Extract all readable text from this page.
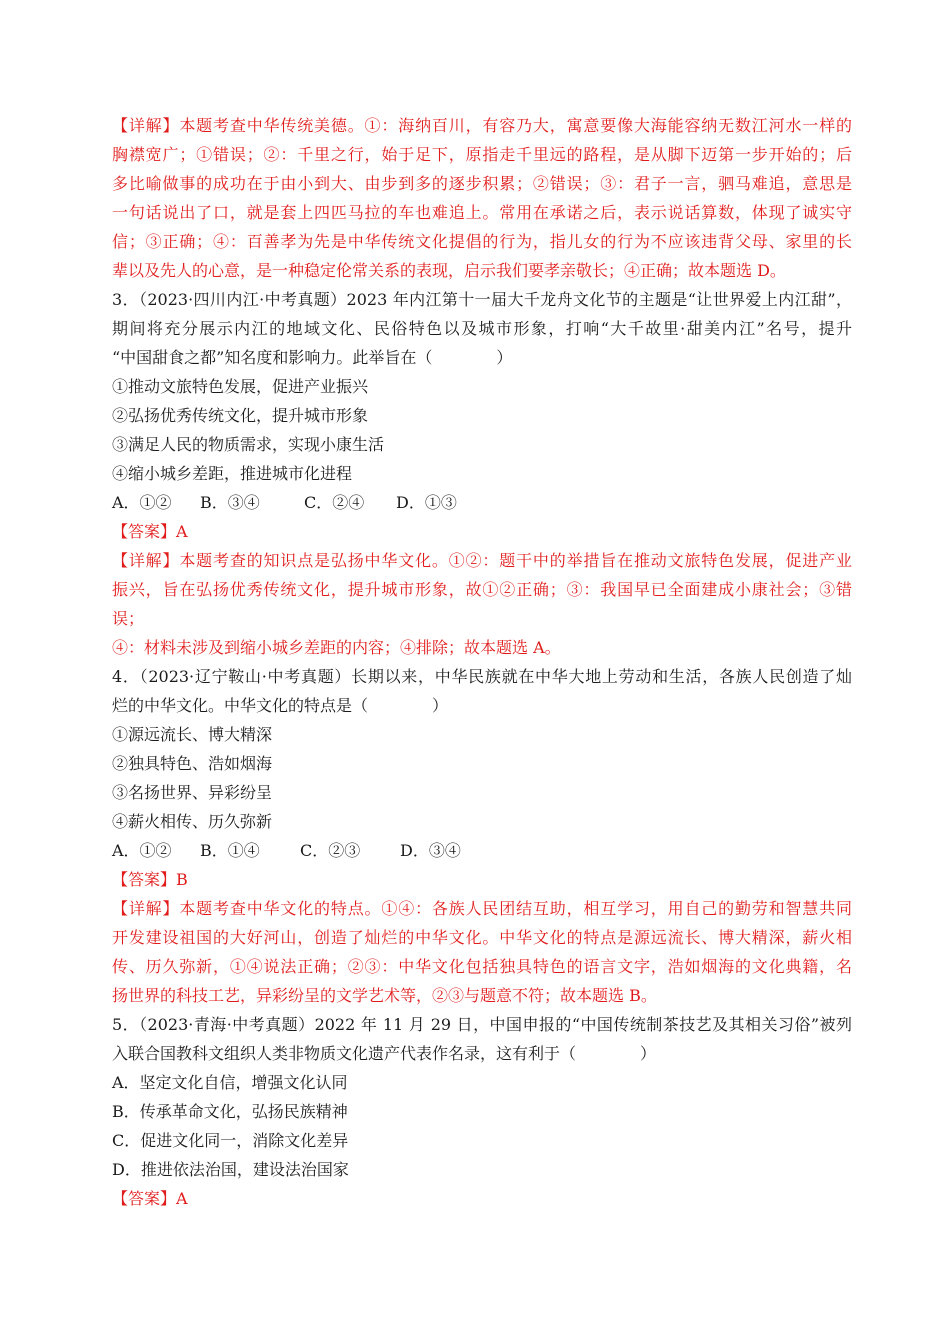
【详解】本题考查中华传统美德。①：海纳百川，有容乃大，寓意要像大海能容纳无数江河水一样的
胸襟宽广；①错误；②：千里之行，始于足下，原指走千里远的路程，是从脚下迈第一步开始的；后
多比喻做事的成功在于由小到大、由步到多的逐步积累；②错误；③：君子一言，驷马难追，意思是
一句话说出了口，就是套上四匹马拉的车也难追上。常用在承诺之后，表示说话算数，体现了诚实守
信；③正确；④：百善孝为先是中华传统文化提倡的行为，指儿女的行为不应该违背父母、家里的长
辈以及先人的心意，是一种稳定伦常关系的表现，启示我们要孝亲敬长；④正确；故本题选 D。
3．（2023·四川内江·中考真题）2023 年内江第十一届大千龙舟文化节的主题是“让世界爱上内江甜”，
期间将充分展示内江的地域文化、民俗特色以及城市形象，打响“大千故里·甜美内江”名号，提升
“中国甜食之都”知名度和影响力。此举旨在（　　　　）
①推动文旅特色发展，促进产业振兴
②弘扬优秀传统文化，提升城市形象
③满足人民的物质需求，实现小康生活
④缩小城乡差距，推进城市化进程
A．①② B．③④	C．②④ D．①③
【答案】A
【详解】本题考查的知识点是弘扬中华文化。①②：题干中的举措旨在推动文旅特色发展，促进产业
振兴，旨在弘扬优秀传统文化，提升城市形象，故①②正确；③：我国早已全面建成小康社会；③错
误；
④：材料未涉及到缩小城乡差距的内容；④排除；故本题选 A。
4．（2023·辽宁鞍山·中考真题）长期以来，中华民族就在中华大地上劳动和生活，各族人民创造了灿
烂的中华文化。中华文化的特点是（　　　　）
①源远流长、博大精深
②独具特色、浩如烟海
③名扬世界、异彩纷呈
④薪火相传、历久弥新
A．①② B．①④	C．②③ D．③④
【答案】B
【详解】本题考查中华文化的特点。①④：各族人民团结互助，相互学习，用自己的勤劳和智慧共同
开发建设祖国的大好河山，创造了灿烂的中华文化。中华文化的特点是源远流长、博大精深，薪火相
传、历久弥新，①④说法正确；②③：中华文化包括独具特色的语言文字，浩如烟海的文化典籍，名
扬世界的科技工艺，异彩纷呈的文学艺术等，②③与题意不符；故本题选 B。
5．（2023·青海·中考真题）2022 年 11 月 29 日，中国申报的“中国传统制茶技艺及其相关习俗”被列
入联合国教科文组织人类非物质文化遗产代表作名录，这有利于（　　　　）
A．坚定文化自信，增强文化认同
B．传承革命文化，弘扬民族精神
C．促进文化同一，消除文化差异
D．推进依法治国，建设法治国家
【答案】A
